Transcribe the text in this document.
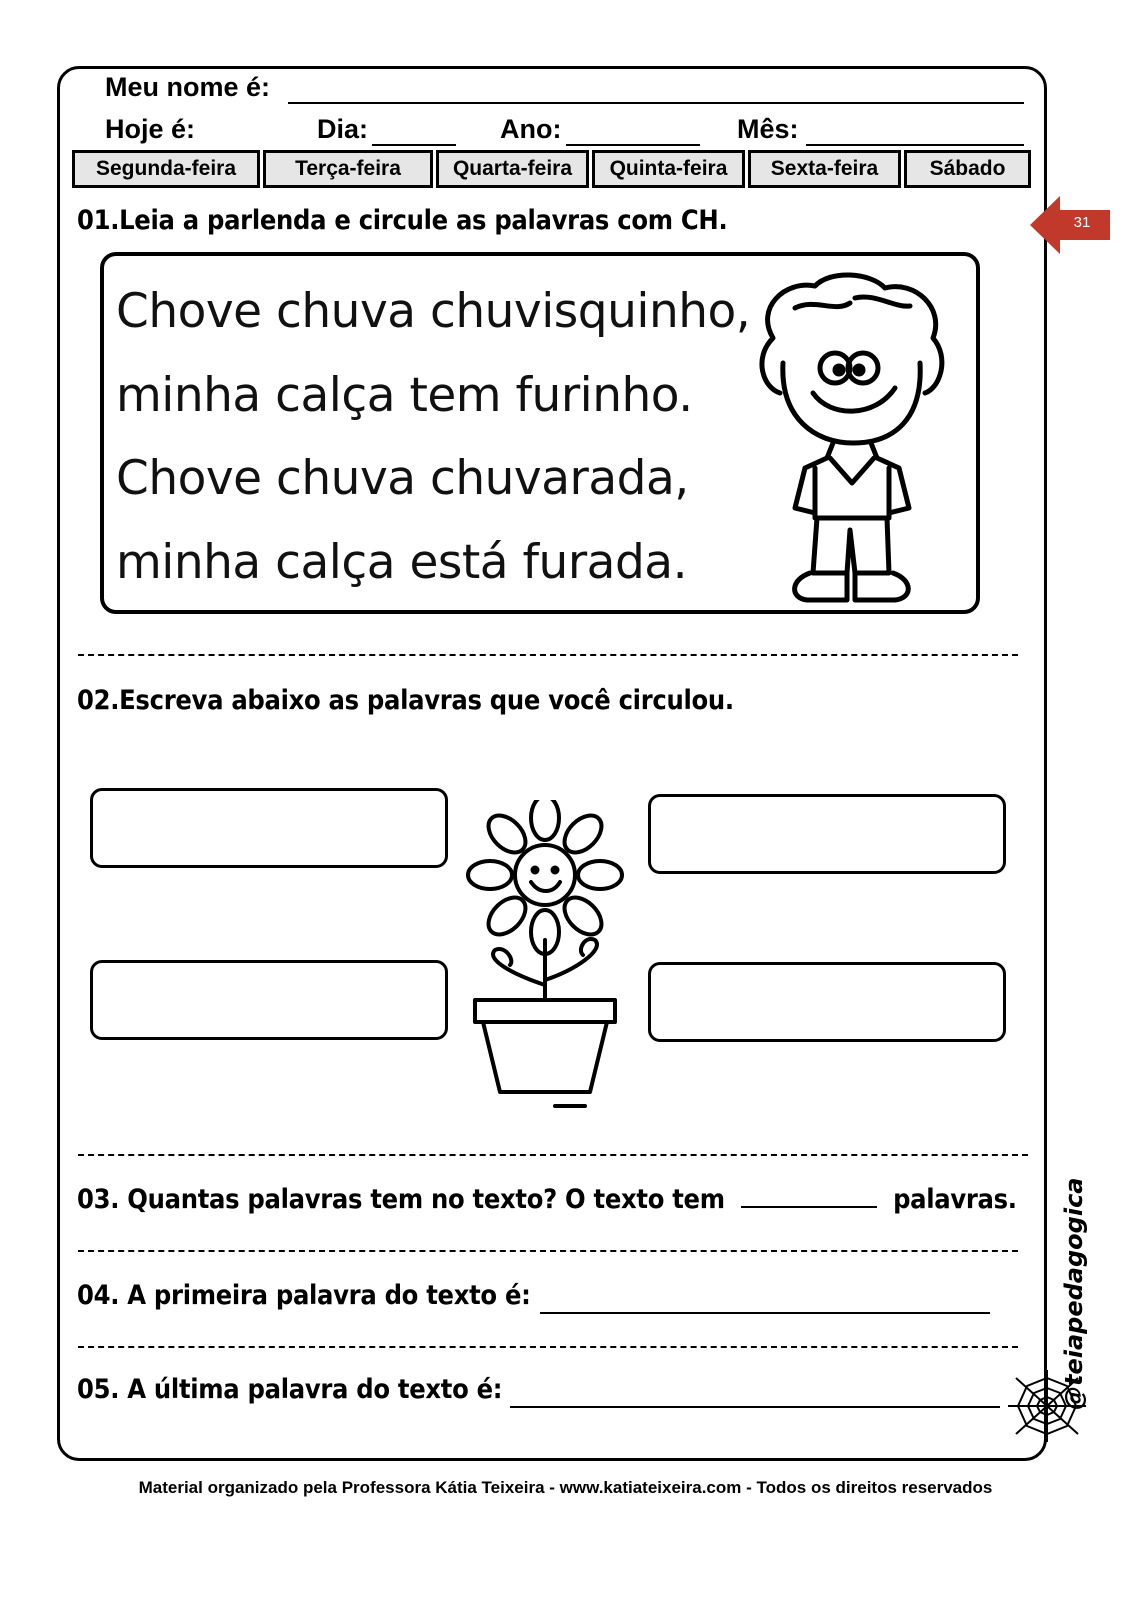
Meu nome é:
Hoje é:	Dia:	Ano:	Mês:
Segunda-feira	Terça-feira	Quarta-feira	Quinta-feira	Sexta-feira	Sábado
31
01.Leia a parlenda e circule as palavras com CH.
Chove chuva chuvisquinho,
minha calça tem furinho.
Chove chuva chuvarada,
minha calça está furada.
02.Escreva abaixo as palavras que você circulou.
03. Quantas palavras tem no texto? O texto tem	palavras.
04. A primeira palavra do texto é:
05. A última palavra do texto é:	@teiapedagogica
Material organizado pela Professora Kátia Teixeira - www.katiateixeira.com - Todos os direitos reservados
